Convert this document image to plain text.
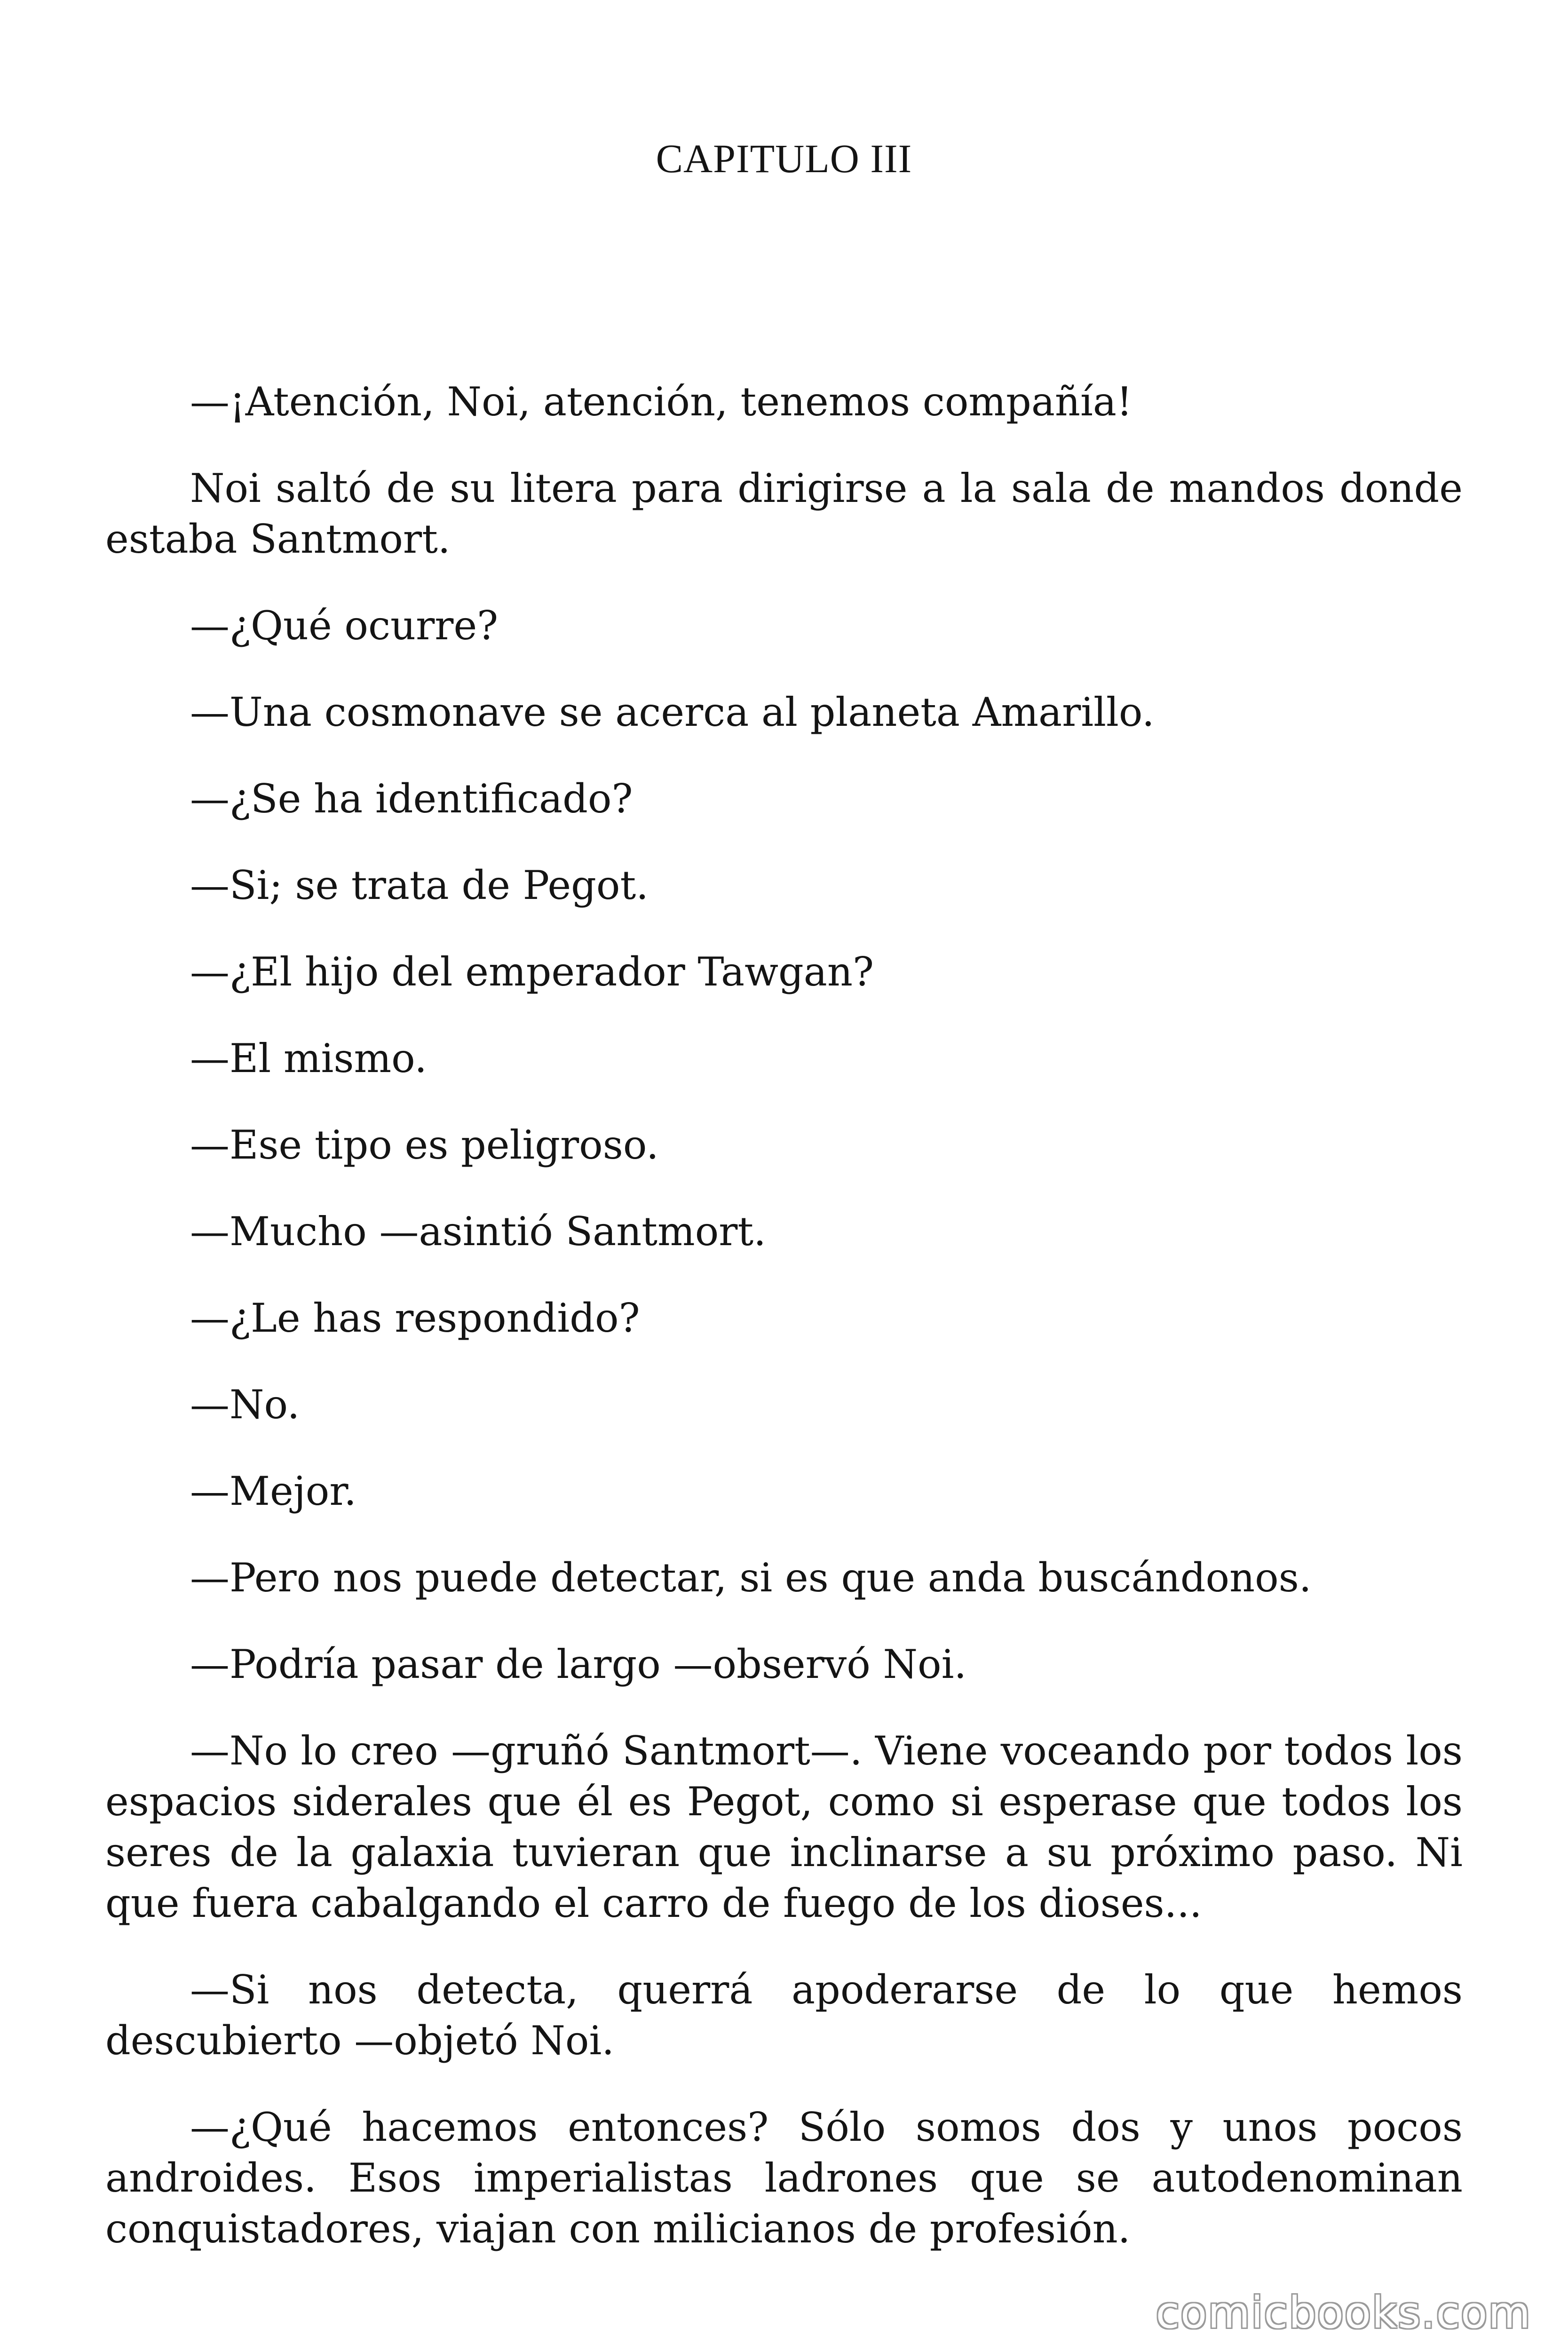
CAPITULO III

—¡Atención, Noi, atención, tenemos compañía!

Noi saltó de su litera para dirigirse a la sala de mandos donde estaba Santmort.

—¿Qué ocurre?

—Una cosmonave se acerca al planeta Amarillo.

—¿Se ha identificado?

—Si; se trata de Pegot.

—¿El hijo del emperador Tawgan?

—El mismo.

—Ese tipo es peligroso.

—Mucho —asintió Santmort.

—¿Le has respondido?

—No.

—Mejor.

—Pero nos puede detectar, si es que anda buscándonos.

—Podría pasar de largo —observó Noi.

—No lo creo —gruñó Santmort—. Viene voceando por todos los espacios siderales que él es Pegot, como si esperase que todos los seres de la galaxia tuvieran que inclinarse a su próximo paso. Ni que fuera cabalgando el carro de fuego de los dioses...

—Si nos detecta, querrá apoderarse de lo que hemos descubierto —objetó Noi.

—¿Qué hacemos entonces? Sólo somos dos y unos pocos androides. Esos imperialistas ladrones que se autodenominan conquistadores, viajan con milicianos de profesión.

comicbooks.com
